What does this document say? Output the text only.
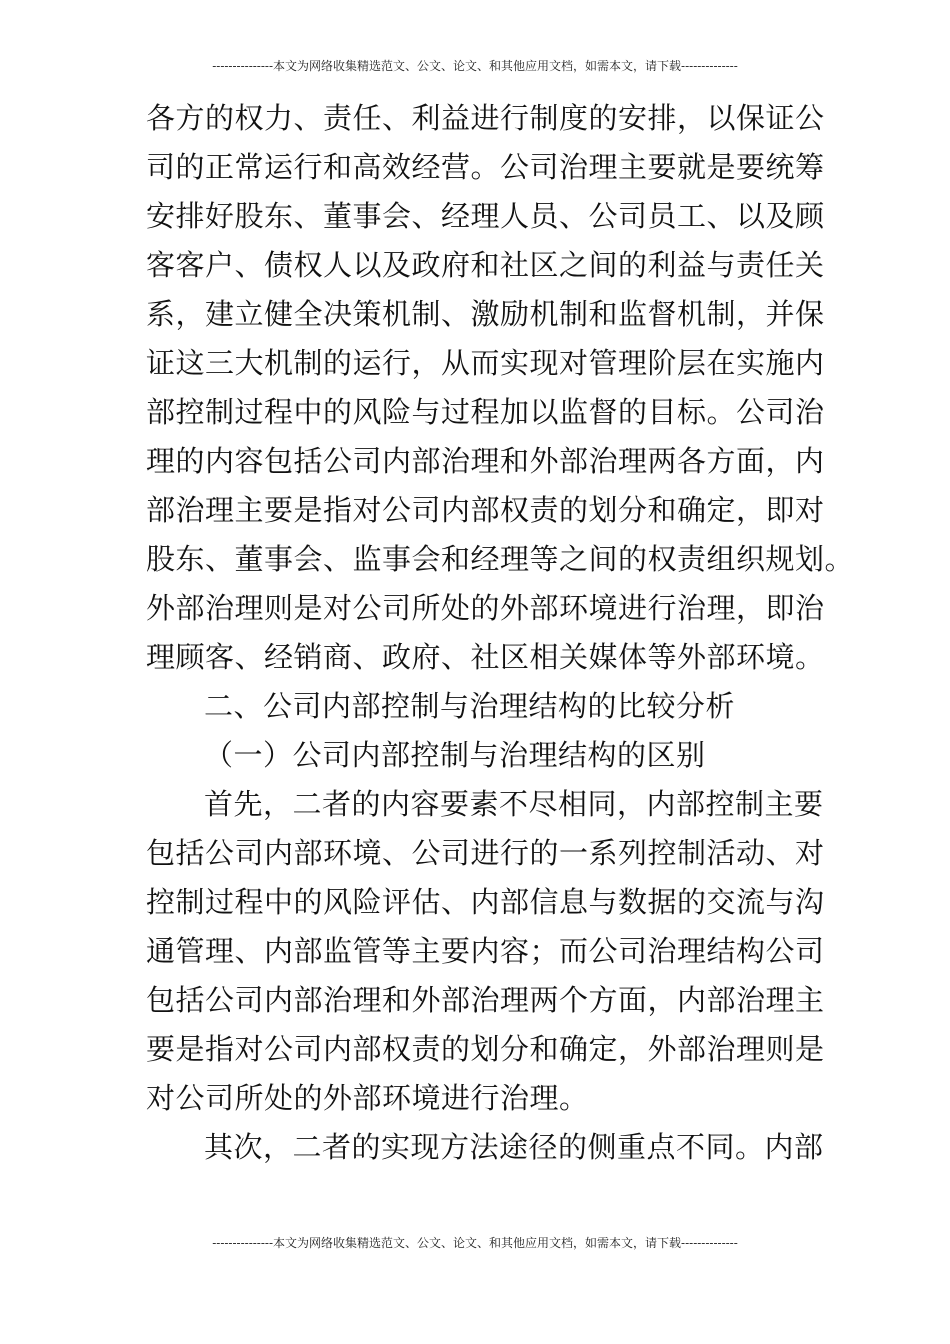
---------------本文为网络收集精选范文、公文、论文、和其他应用文档，如需本文，请下载--------------
各方的权力、责任、利益进行制度的安排，以保证公
司的正常运行和高效经营。公司治理主要就是要统筹
安排好股东、董事会、经理人员、公司员工、以及顾
客客户、债权人以及政府和社区之间的利益与责任关
系，建立健全决策机制、激励机制和监督机制，并保
证这三大机制的运行，从而实现对管理阶层在实施内
部控制过程中的风险与过程加以监督的目标。公司治
理的内容包括公司内部治理和外部治理两各方面，内
部治理主要是指对公司内部权责的划分和确定，即对
股东、董事会、监事会和经理等之间的权责组织规划。
外部治理则是对公司所处的外部环境进行治理，即治
理顾客、经销商、政府、社区相关媒体等外部环境。
二、公司内部控制与治理结构的比较分析
（一）公司内部控制与治理结构的区别
首先，二者的内容要素不尽相同，内部控制主要
包括公司内部环境、公司进行的一系列控制活动、对
控制过程中的风险评估、内部信息与数据的交流与沟
通管理、内部监管等主要内容；而公司治理结构公司
包括公司内部治理和外部治理两个方面，内部治理主
要是指对公司内部权责的划分和确定，外部治理则是
对公司所处的外部环境进行治理。
其次，二者的实现方法途径的侧重点不同。内部
---------------本文为网络收集精选范文、公文、论文、和其他应用文档，如需本文，请下载--------------
